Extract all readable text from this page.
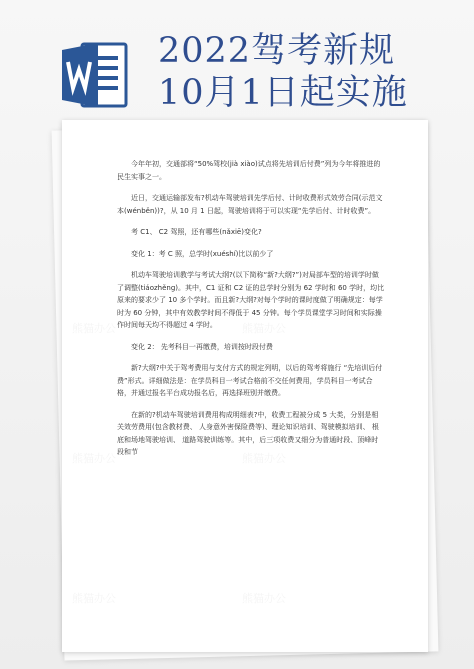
2022驾考新规
10月1日起实施
熊猫办公	熊猫办公
熊猫办公	熊猫办公
熊猫办公	熊猫办公

今年年初，交通部将“50%驾校(jià xiào)试点将先培训后付费”列为今年将推进的民生实事之一。

近日，交通运输部发布?机动车驾驶培训先学后付、计时收费形式效劳合同(示范文本(wénběn))?，从 10 月 1 日起，驾驶培训将于可以实现“先学后付、计时收费”。

考 C1、 C2 驾照，还有哪些(nǎxiē)变化?

变化 1：考 C 照，总学时(xuéshí)比以前少了

机动车驾驶培训教学与考试大纲?(以下简称“新?大纲?”)对局部车型的培训学时做了调整(tiáozhěng)。其中，C1 证和 C2 证的总学时分别为 62 学时和 60 学时，均比原来的要求少了 10 多个学时。而且新?大纲?对每个学时的课时度做了明确规定：每学时为 60 分钟，其中有效教学时间不得低于 45 分钟。每个学员课堂学习时间和实际操作时间每天均不得超过 4 学时。

变化 2： 先考科目一再缴费，培训按时段付费

新?大纲?中关于驾考费用与支付方式的规定列明，以后的驾考将施行 “先培训后付费”形式。详细做法是：在学员科目一考试合格前不交任何费用，学员科目一考试合格，并通过报名平台成功报名后，再选择班别并缴费。

在新的?机动车驾驶培训费用构成明细表?中，收费工程被分成 5 大类，分别是相关效劳费用(包含教材费、 人身意外害保险费等)、理论知识培训、驾驶模拟培训、 根底和场地驾驶培训、 道路驾驶训练等。其中，后三项收费又细分为普通时段、顶峰时段和节
